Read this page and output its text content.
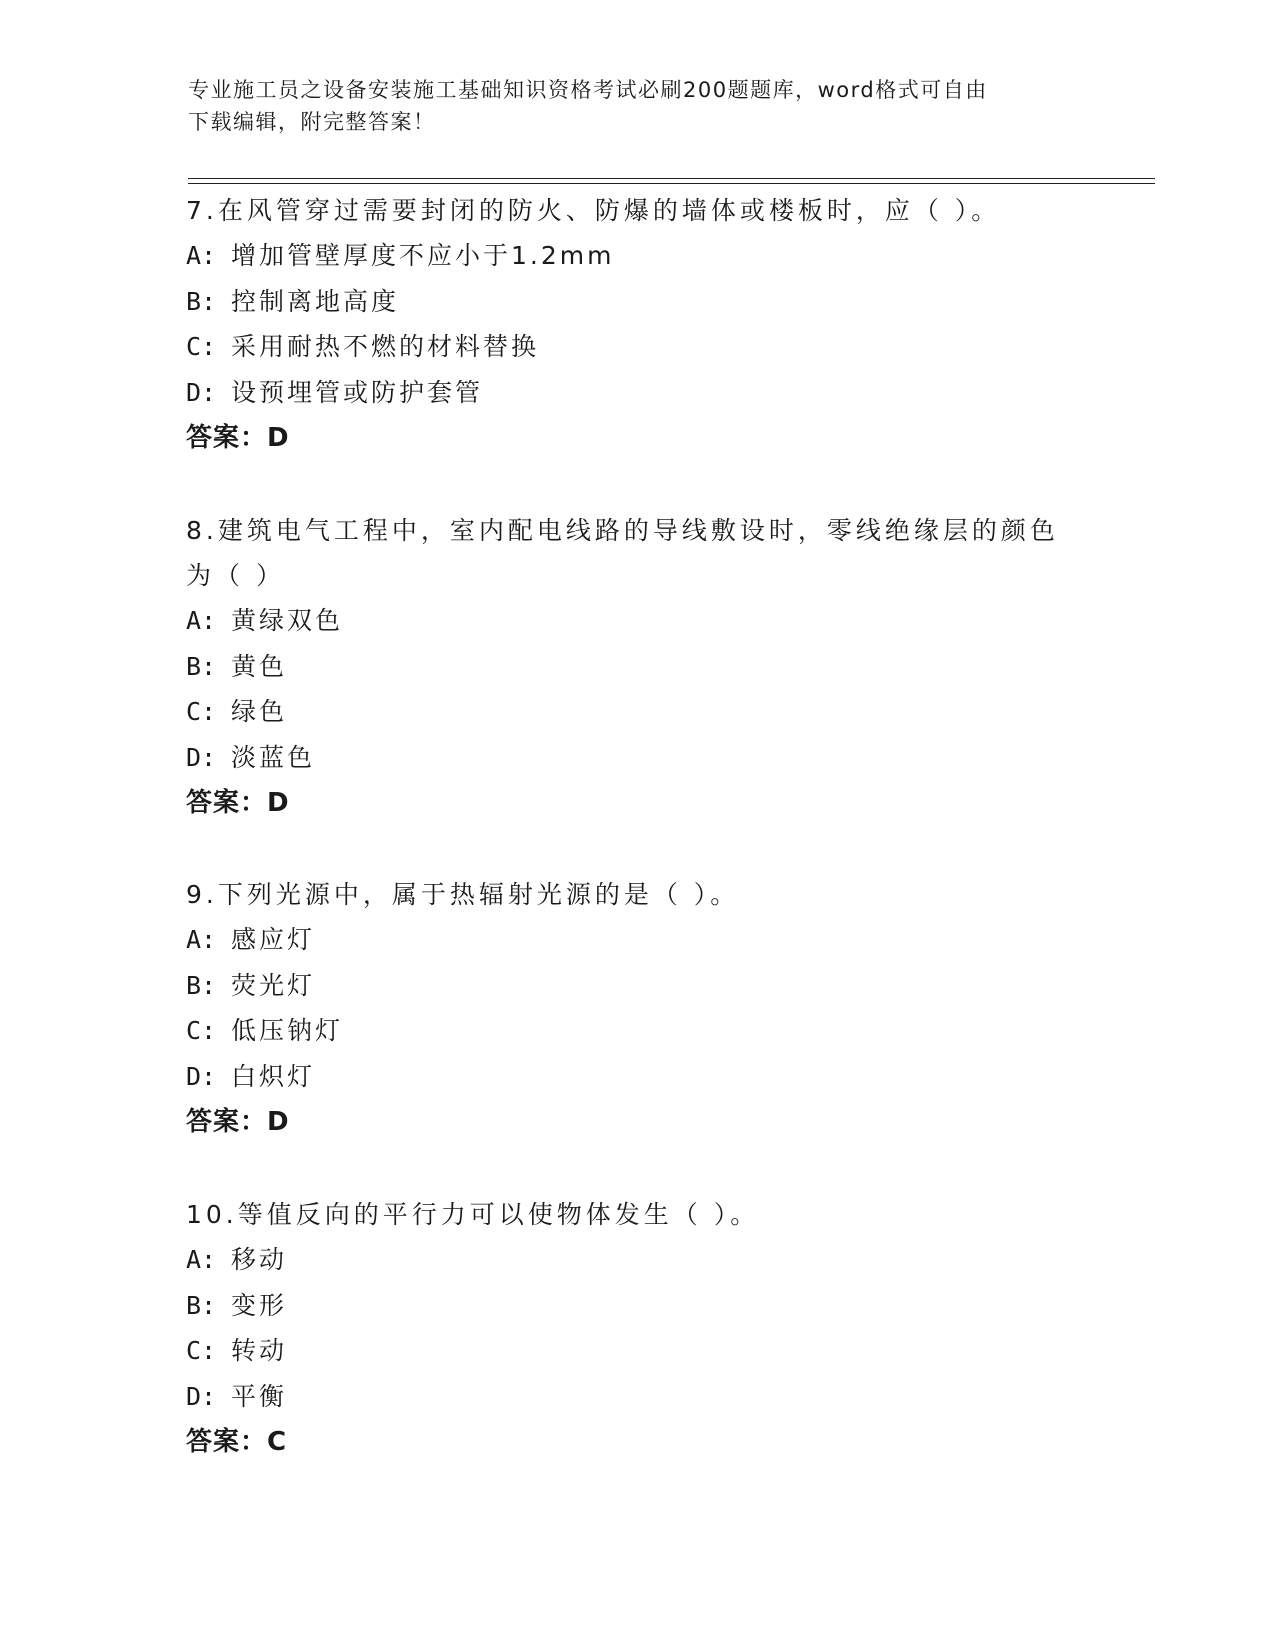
专业施工员之设备安装施工基础知识资格考试必刷200题题库，word格式可自由
下载编辑，附完整答案！
7.在风管穿过需要封闭的防火、防爆的墙体或楼板时，应（ ）。
A: 增加管壁厚度不应小于1.2mm
B: 控制离地高度
C: 采用耐热不燃的材料替换
D: 设预埋管或防护套管
答案：D
8.建筑电气工程中，室内配电线路的导线敷设时，零线绝缘层的颜色
为（ ）
A: 黄绿双色
B: 黄色
C: 绿色
D: 淡蓝色
答案：D
9.下列光源中，属于热辐射光源的是（ ）。
A: 感应灯
B: 荧光灯
C: 低压钠灯
D: 白炽灯
答案：D
10.等值反向的平行力可以使物体发生（ ）。
A: 移动
B: 变形
C: 转动
D: 平衡
答案：C
